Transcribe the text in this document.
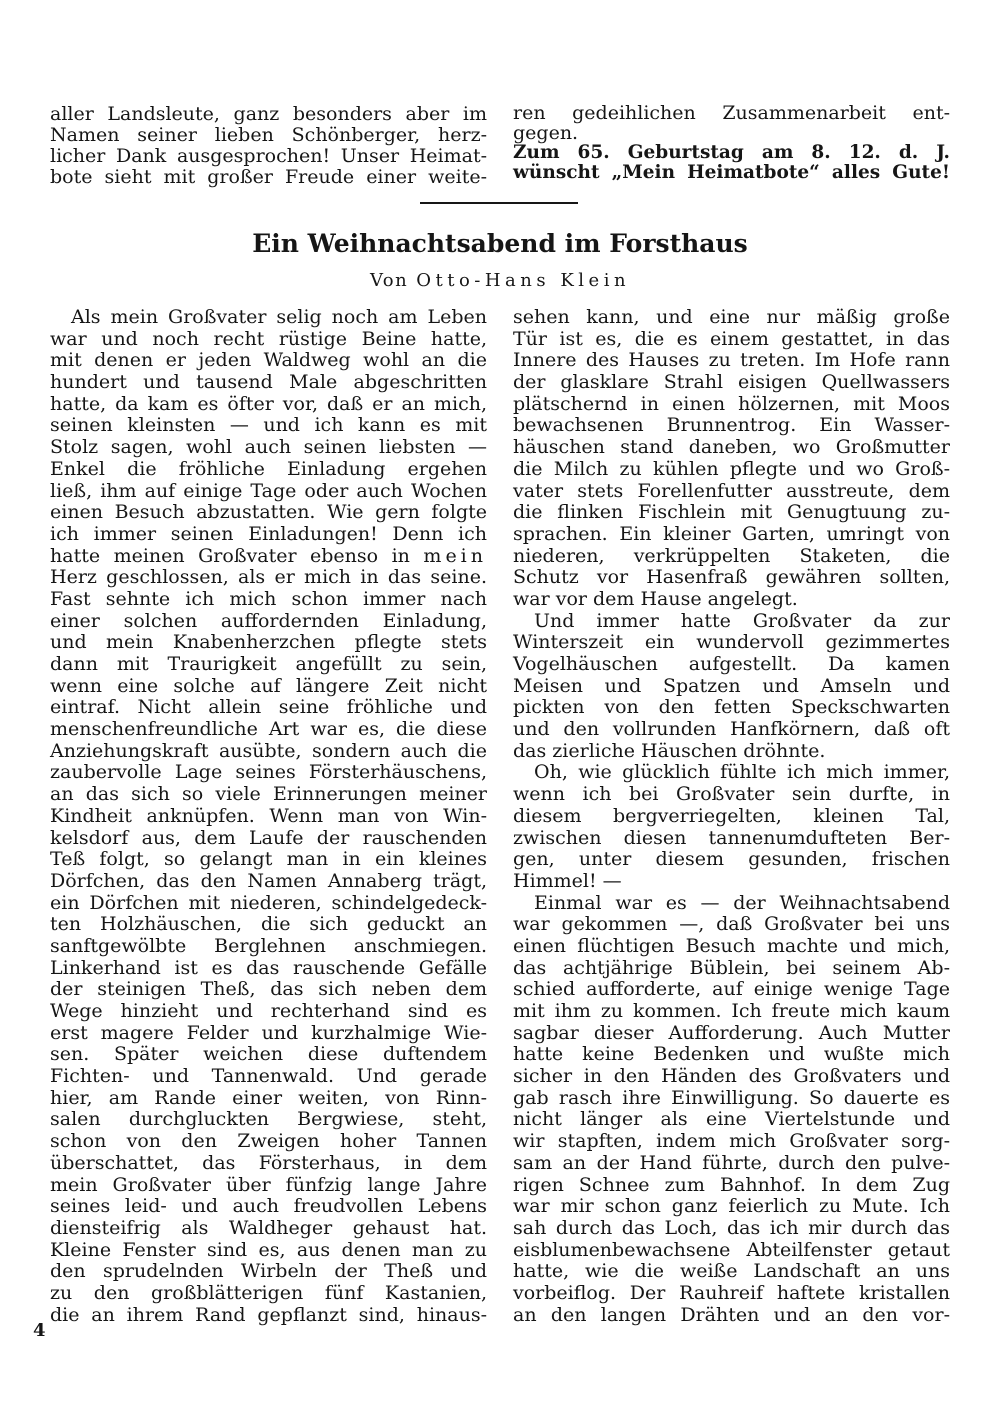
aller Landsleute, ganz besonders aber im
Namen seiner lieben Schönberger, herz-
licher Dank ausgesprochen! Unser Heimat-
bote sieht mit großer Freude einer weite-
ren gedeihlichen Zusammenarbeit ent-
gegen.
Zum 65. Geburtstag am 8. 12. d. J.
wünscht „Mein Heimatbote“ alles Gute!
Ein Weihnachtsabend im Forsthaus
Von Otto-Hans Klein
Als mein Großvater selig noch am Leben
war und noch recht rüstige Beine hatte,
mit denen er jeden Waldweg wohl an die
hundert und tausend Male abgeschritten
hatte, da kam es öfter vor, daß er an mich,
seinen kleinsten — und ich kann es mit
Stolz sagen, wohl auch seinen liebsten —
Enkel die fröhliche Einladung ergehen
ließ, ihm auf einige Tage oder auch Wochen
einen Besuch abzustatten. Wie gern folgte
ich immer seinen Einladungen! Denn ich
hatte meinen Großvater ebenso in mein
Herz geschlossen, als er mich in das seine.
Fast sehnte ich mich schon immer nach
einer solchen auffordernden Einladung,
und mein Knabenherzchen pflegte stets
dann mit Traurigkeit angefüllt zu sein,
wenn eine solche auf längere Zeit nicht
eintraf. Nicht allein seine fröhliche und
menschenfreundliche Art war es, die diese
Anziehungskraft ausübte, sondern auch die
zaubervolle Lage seines Försterhäuschens,
an das sich so viele Erinnerungen meiner
Kindheit anknüpfen. Wenn man von Win-
kelsdorf aus, dem Laufe der rauschenden
Teß folgt, so gelangt man in ein kleines
Dörfchen, das den Namen Annaberg trägt,
ein Dörfchen mit niederen, schindelgedeck-
ten Holzhäuschen, die sich geduckt an
sanftgewölbte Berglehnen anschmiegen.
Linkerhand ist es das rauschende Gefälle
der steinigen Theß, das sich neben dem
Wege hinzieht und rechterhand sind es
erst magere Felder und kurzhalmige Wie-
sen. Später weichen diese duftendem
Fichten- und Tannenwald. Und gerade
hier, am Rande einer weiten, von Rinn-
salen durchgluckten Bergwiese, steht,
schon von den Zweigen hoher Tannen
überschattet, das Försterhaus, in dem
mein Großvater über fünfzig lange Jahre
seines leid- und auch freudvollen Lebens
diensteifrig als Waldheger gehaust hat.
Kleine Fenster sind es, aus denen man zu
den sprudelnden Wirbeln der Theß und
zu den großblätterigen fünf Kastanien,
die an ihrem Rand gepflanzt sind, hinaus-
sehen kann, und eine nur mäßig große
Tür ist es, die es einem gestattet, in das
Innere des Hauses zu treten. Im Hofe rann
der glasklare Strahl eisigen Quellwassers
plätschernd in einen hölzernen, mit Moos
bewachsenen Brunnentrog. Ein Wasser-
häuschen stand daneben, wo Großmutter
die Milch zu kühlen pflegte und wo Groß-
vater stets Forellenfutter ausstreute, dem
die flinken Fischlein mit Genugtuung zu-
sprachen. Ein kleiner Garten, umringt von
niederen, verkrüppelten Staketen, die
Schutz vor Hasenfraß gewähren sollten,
war vor dem Hause angelegt.
Und immer hatte Großvater da zur
Winterszeit ein wundervoll gezimmertes
Vogelhäuschen aufgestellt. Da kamen
Meisen und Spatzen und Amseln und
pickten von den fetten Speckschwarten
und den vollrunden Hanfkörnern, daß oft
das zierliche Häuschen dröhnte.
Oh, wie glücklich fühlte ich mich immer,
wenn ich bei Großvater sein durfte, in
diesem bergverriegelten, kleinen Tal,
zwischen diesen tannenumdufteten Ber-
gen, unter diesem gesunden, frischen
Himmel! —
Einmal war es — der Weihnachtsabend
war gekommen —, daß Großvater bei uns
einen flüchtigen Besuch machte und mich,
das achtjährige Büblein, bei seinem Ab-
schied aufforderte, auf einige wenige Tage
mit ihm zu kommen. Ich freute mich kaum
sagbar dieser Aufforderung. Auch Mutter
hatte keine Bedenken und wußte mich
sicher in den Händen des Großvaters und
gab rasch ihre Einwilligung. So dauerte es
nicht länger als eine Viertelstunde und
wir stapften, indem mich Großvater sorg-
sam an der Hand führte, durch den pulve-
rigen Schnee zum Bahnhof. In dem Zug
war mir schon ganz feierlich zu Mute. Ich
sah durch das Loch, das ich mir durch das
eisblumenbewachsene Abteilfenster getaut
hatte, wie die weiße Landschaft an uns
vorbeiflog. Der Rauhreif haftete kristallen
an den langen Drähten und an den vor-
4
